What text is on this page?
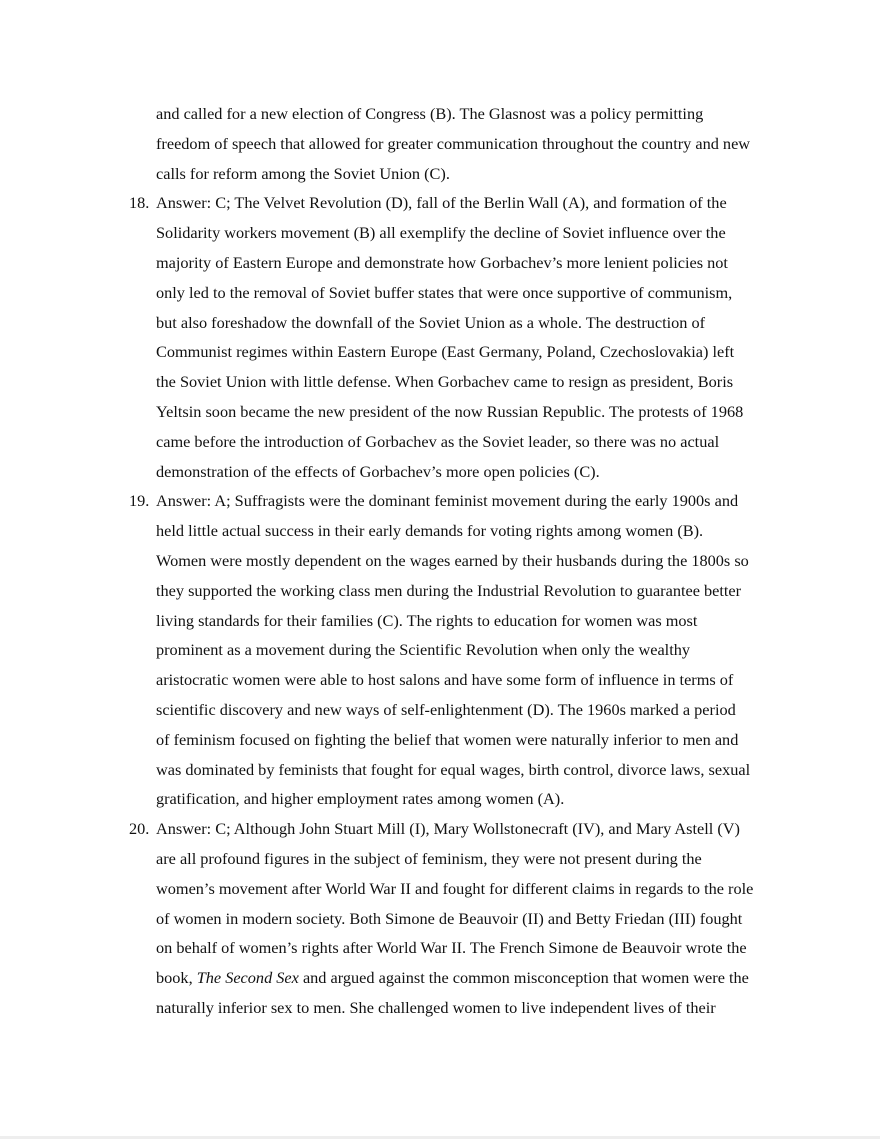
and called for a new election of Congress (B). The Glasnost was a policy permitting
freedom of speech that allowed for greater communication throughout the country and new
calls for reform among the Soviet Union (C).
18. Answer: C; The Velvet Revolution (D), fall of the Berlin Wall (A), and formation of the
Solidarity workers movement (B) all exemplify the decline of Soviet influence over the
majority of Eastern Europe and demonstrate how Gorbachev’s more lenient policies not
only led to the removal of Soviet buffer states that were once supportive of communism,
but also foreshadow the downfall of the Soviet Union as a whole. The destruction of
Communist regimes within Eastern Europe (East Germany, Poland, Czechoslovakia) left
the Soviet Union with little defense. When Gorbachev came to resign as president, Boris
Yeltsin soon became the new president of the now Russian Republic. The protests of 1968
came before the introduction of Gorbachev as the Soviet leader, so there was no actual
demonstration of the effects of Gorbachev’s more open policies (C).
19. Answer: A; Suffragists were the dominant feminist movement during the early 1900s and
held little actual success in their early demands for voting rights among women (B).
Women were mostly dependent on the wages earned by their husbands during the 1800s so
they supported the working class men during the Industrial Revolution to guarantee better
living standards for their families (C). The rights to education for women was most
prominent as a movement during the Scientific Revolution when only the wealthy
aristocratic women were able to host salons and have some form of influence in terms of
scientific discovery and new ways of self-enlightenment (D). The 1960s marked a period
of feminism focused on fighting the belief that women were naturally inferior to men and
was dominated by feminists that fought for equal wages, birth control, divorce laws, sexual
gratification, and higher employment rates among women (A).
20. Answer: C; Although John Stuart Mill (I), Mary Wollstonecraft (IV), and Mary Astell (V)
are all profound figures in the subject of feminism, they were not present during the
women’s movement after World War II and fought for different claims in regards to the role
of women in modern society. Both Simone de Beauvoir (II) and Betty Friedan (III) fought
on behalf of women’s rights after World War II. The French Simone de Beauvoir wrote the
book, The Second Sex and argued against the common misconception that women were the
naturally inferior sex to men. She challenged women to live independent lives of their
